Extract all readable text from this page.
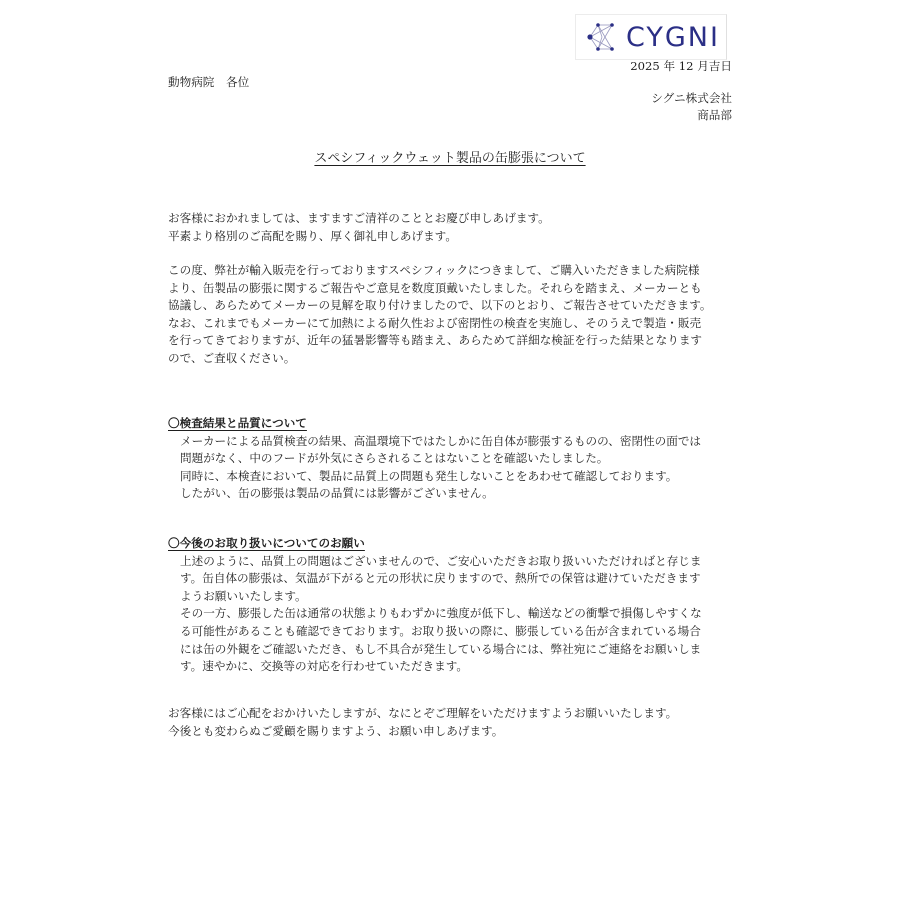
CYGNI
2025 年 12 月吉日
動物病院　各位
シグニ株式会社
商品部
スペシフィックウェット製品の缶膨張について
お客様におかれましては、ますますご清祥のこととお慶び申しあげます。
平素より格別のご高配を賜り、厚く御礼申しあげます。
この度、弊社が輸入販売を行っておりますスペシフィックにつきまして、ご購入いただきました病院様
より、缶製品の膨張に関するご報告やご意見を数度頂戴いたしました。それらを踏まえ、メーカーとも
協議し、あらためてメーカーの見解を取り付けましたので、以下のとおり、ご報告させていただきます。
なお、これまでもメーカーにて加熱による耐久性および密閉性の検査を実施し、そのうえで製造・販売
を行ってきておりますが、近年の猛暑影響等も踏まえ、あらためて詳細な検証を行った結果となります
ので、ご査収ください。
〇検査結果と品質について
メーカーによる品質検査の結果、高温環境下ではたしかに缶自体が膨張するものの、密閉性の面では
問題がなく、中のフードが外気にさらされることはないことを確認いたしました。
同時に、本検査において、製品に品質上の問題も発生しないことをあわせて確認しております。
したがい、缶の膨張は製品の品質には影響がございません。
〇今後のお取り扱いについてのお願い
上述のように、品質上の問題はございませんので、ご安心いただきお取り扱いいただければと存じま
す。缶自体の膨張は、気温が下がると元の形状に戻りますので、熱所での保管は避けていただきます
ようお願いいたします。
その一方、膨張した缶は通常の状態よりもわずかに強度が低下し、輸送などの衝撃で損傷しやすくな
る可能性があることも確認できております。お取り扱いの際に、膨張している缶が含まれている場合
には缶の外観をご確認いただき、もし不具合が発生している場合には、弊社宛にご連絡をお願いしま
す。速やかに、交換等の対応を行わせていただきます。
お客様にはご心配をおかけいたしますが、なにとぞご理解をいただけますようお願いいたします。
今後とも変わらぬご愛顧を賜りますよう、お願い申しあげます。
